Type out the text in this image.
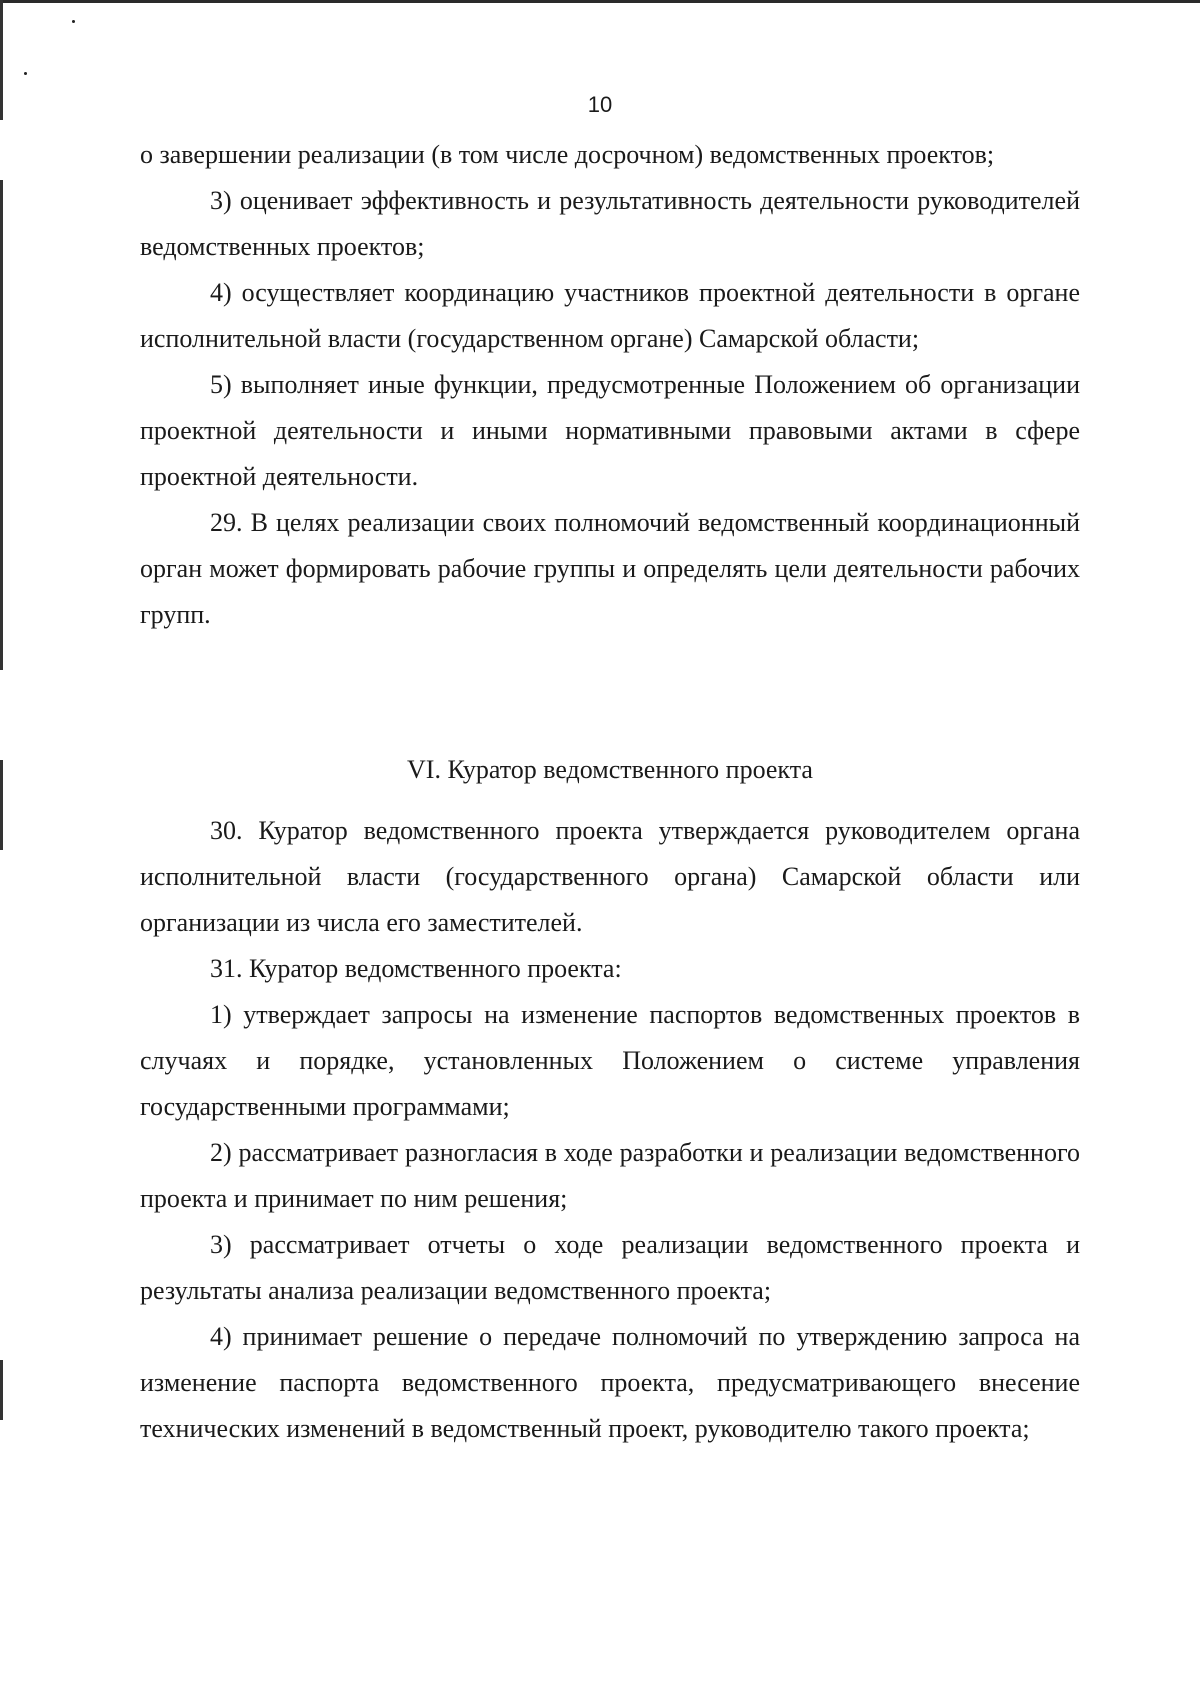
10

о завершении реализации (в том числе досрочном) ведомственных проектов;

3) оценивает эффективность и результативность деятельности руководителей ведомственных проектов;

4) осуществляет координацию участников проектной деятельности в органе исполнительной власти (государственном органе) Самарской области;

5) выполняет иные функции, предусмотренные Положением об организации проектной деятельности и иными нормативными правовыми актами в сфере проектной деятельности.

29. В целях реализации своих полномочий ведомственный координационный орган может формировать рабочие группы и определять цели деятельности рабочих групп.

VI. Куратор ведомственного проекта

30. Куратор ведомственного проекта утверждается руководителем органа исполнительной власти (государственного органа) Самарской области или организации из числа его заместителей.

31. Куратор ведомственного проекта:

1) утверждает запросы на изменение паспортов ведомственных проектов в случаях и порядке, установленных Положением о системе управления государственными программами;

2) рассматривает разногласия в ходе разработки и реализации ведомственного проекта и принимает по ним решения;

3) рассматривает отчеты о ходе реализации ведомственного проекта и результаты анализа реализации ведомственного проекта;

4) принимает решение о передаче полномочий по утверждению запроса на изменение паспорта ведомственного проекта, предусматривающего внесение технических изменений в ведомственный проект, руководителю такого проекта;
